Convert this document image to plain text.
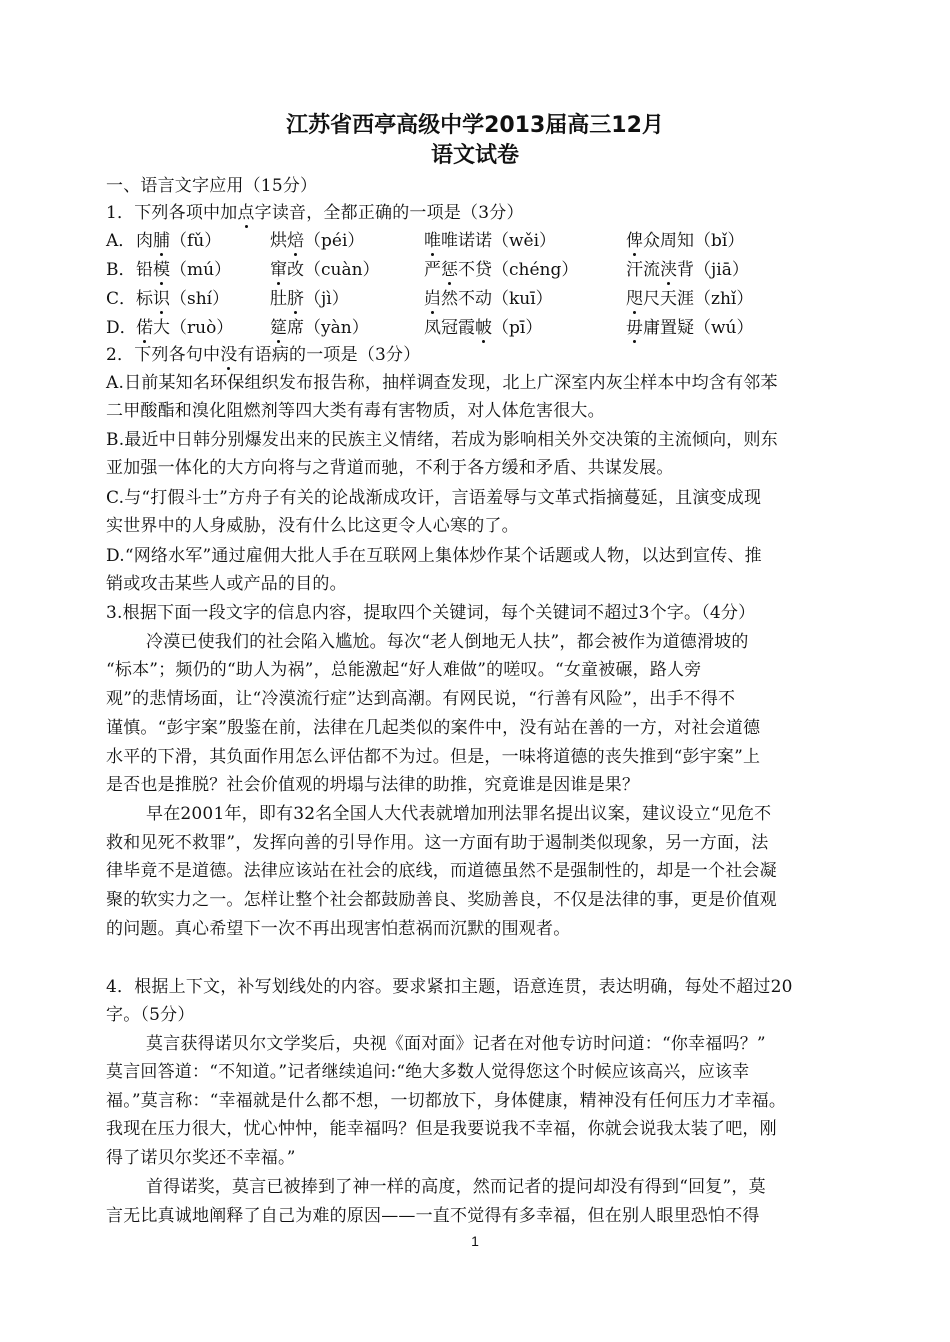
江苏省西亭高级中学2013届高三12月
语文试卷
一、语言文字应用（15分）
1．下列各项中加点字读音，全都正确的一项是（3分）
A． 肉脯（fǔ）	烘焙（péi）	唯唯诺诺（wěi）	俾众周知（bǐ）
B． 铅模（mú） 窜改（cuàn）	严惩不贷（chéng）	汗流浃背（jiā）
C． 标识（shí） 肚脐（jì）	岿然不动（kuī）	咫尺天涯（zhǐ）
D． 偌大（ruò） 筵席（yàn）	凤冠霞帔（pī）	毋庸置疑（wú）
2．下列各句中没有语病的一项是（3分）
A.日前某知名环保组织发布报告称，抽样调查发现，北上广深室内灰尘样本中均含有邻苯
二甲酸酯和溴化阻燃剂等四大类有毒有害物质，对人体危害很大。
B.最近中日韩分别爆发出来的民族主义情绪，若成为影响相关外交决策的主流倾向，则东
亚加强一体化的大方向将与之背道而驰，不利于各方缓和矛盾、共谋发展。
C.与“打假斗士”方舟子有关的论战渐成攻讦，言语羞辱与文革式指摘蔓延，且演变成现
实世界中的人身威胁，没有什么比这更令人心寒的了。
D.“网络水军”通过雇佣大批人手在互联网上集体炒作某个话题或人物，以达到宣传、推
销或攻击某些人或产品的目的。
3.根据下面一段文字的信息内容，提取四个关键词，每个关键词不超过3个字。（4分）
冷漠已使我们的社会陷入尴尬。每次“老人倒地无人扶”，都会被作为道德滑坡的
“标本”；频仍的“助人为祸”，总能激起“好人难做”的嗟叹。“女童被碾，路人旁
观”的悲情场面，让“冷漠流行症”达到高潮。有网民说，“行善有风险”，出手不得不
谨慎。“彭宇案”殷鉴在前，法律在几起类似的案件中，没有站在善的一方，对社会道德
水平的下滑，其负面作用怎么评估都不为过。但是，一味将道德的丧失推到“彭宇案”上
是否也是推脱？社会价值观的坍塌与法律的助推，究竟谁是因谁是果？
早在2001年，即有32名全国人大代表就增加刑法罪名提出议案，建议设立“见危不
救和见死不救罪”，发挥向善的引导作用。这一方面有助于遏制类似现象，另一方面，法
律毕竟不是道德。法律应该站在社会的底线，而道德虽然不是强制性的，却是一个社会凝
聚的软实力之一。怎样让整个社会都鼓励善良、奖励善良，不仅是法律的事，更是价值观
的问题。真心希望下一次不再出现害怕惹祸而沉默的围观者。
4．根据上下文，补写划线处的内容。要求紧扣主题，语意连贯，表达明确，每处不超过20
字。（5分）
莫言获得诺贝尔文学奖后，央视《面对面》记者在对他专访时问道：“你幸福吗？”
莫言回答道：“不知道。”记者继续追问:“绝大多数人觉得您这个时候应该高兴，应该幸
福。”莫言称：“幸福就是什么都不想，一切都放下，身体健康，精神没有任何压力才幸福。
我现在压力很大，忧心忡忡，能幸福吗？但是我要说我不幸福，你就会说我太装了吧，刚
得了诺贝尔奖还不幸福。”
首得诺奖，莫言已被捧到了神一样的高度，然而记者的提问却没有得到“回复”，莫
言无比真诚地阐释了自己为难的原因——一直不觉得有多幸福，但在别人眼里恐怕不得
1
